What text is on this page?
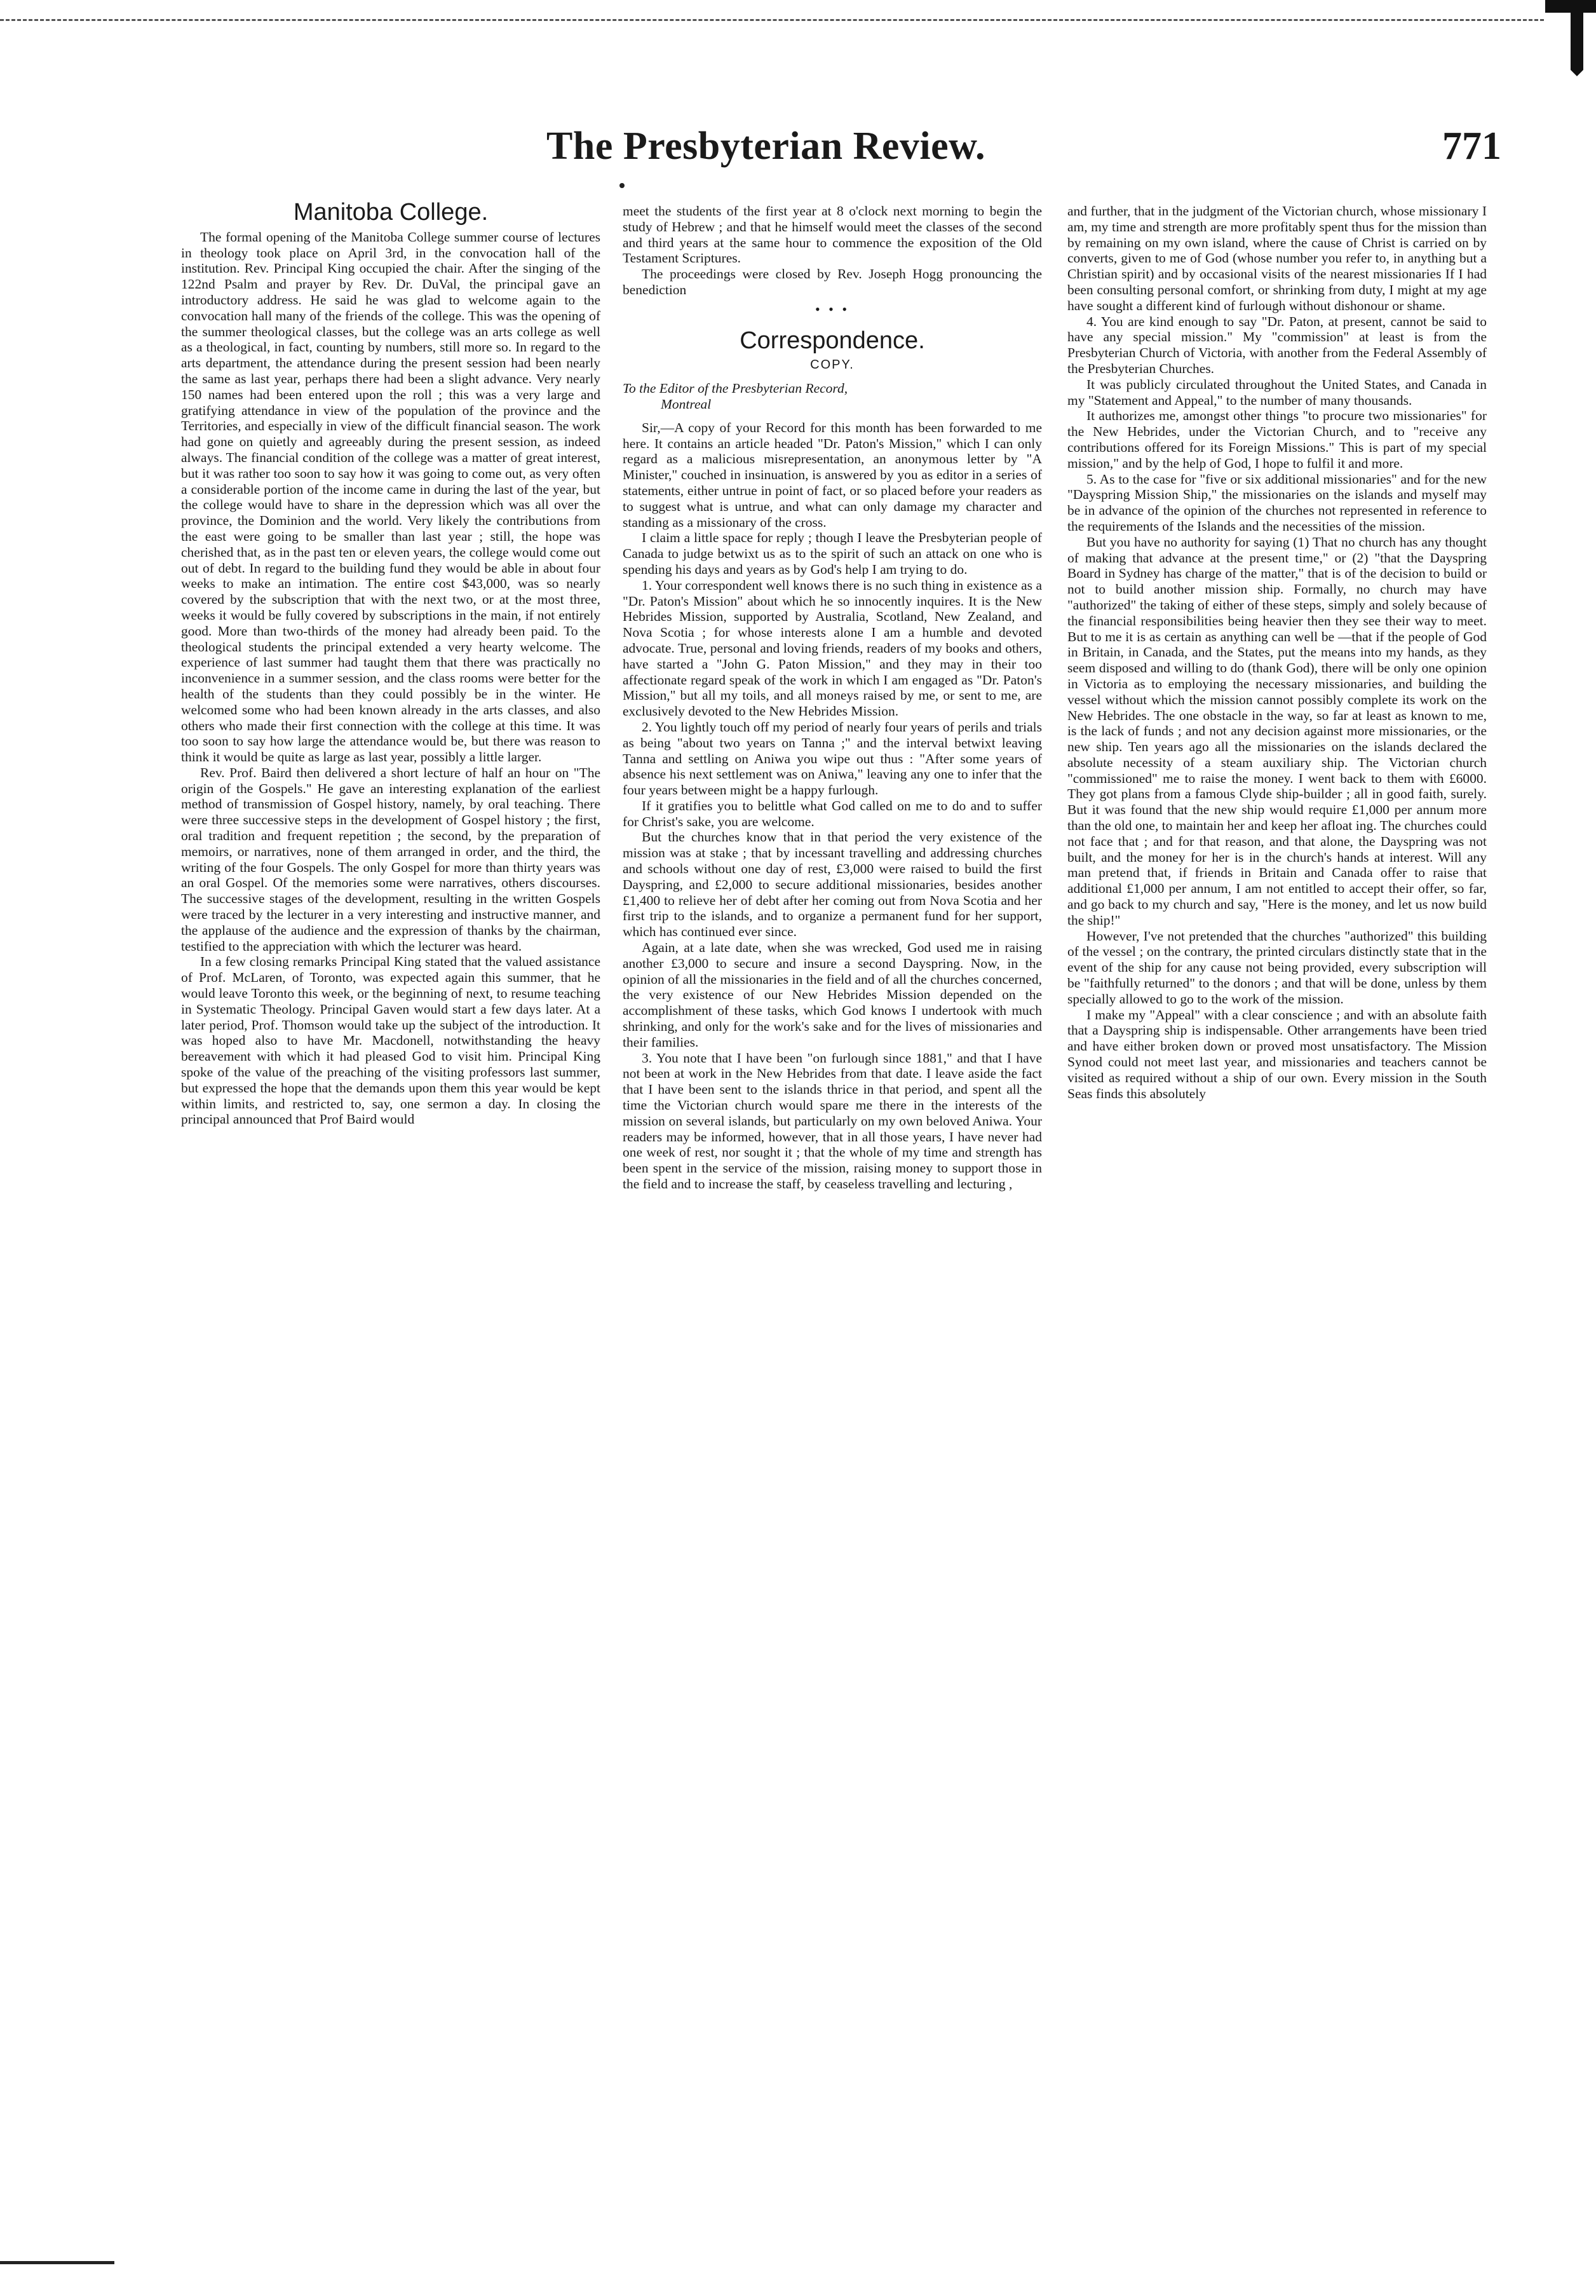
The Presbyterian Review.	771
Manitoba College.

The formal opening of the Manitoba College summer course of lectures in theology took place on April 3rd, in the convocation hall of the institution. Rev. Principal King occupied the chair. After the singing of the 122nd Psalm and prayer by Rev. Dr. DuVal, the principal gave an introductory address. He said he was glad to welcome again to the convocation hall many of the friends of the college. This was the opening of the summer theological classes, but the college was an arts college as well as a theological, in fact, counting by numbers, still more so. In regard to the arts department, the attendance during the present session had been nearly the same as last year, perhaps there had been a slight advance. Very nearly 150 names had been entered upon the roll ; this was a very large and gratifying attendance in view of the population of the province and the Territories, and especially in view of the difficult financial season. The work had gone on quietly and agreeably during the present session, as indeed always. The financial condition of the college was a matter of great interest, but it was rather too soon to say how it was going to come out, as very often a considerable portion of the income came in during the last of the year, but the college would have to share in the depression which was all over the province, the Dominion and the world. Very likely the contributions from the east were going to be smaller than last year ; still, the hope was cherished that, as in the past ten or eleven years, the college would come out out of debt. In regard to the building fund they would be able in about four weeks to make an intimation. The entire cost $43,000, was so nearly covered by the subscription that with the next two, or at the most three, weeks it would be fully covered by subscriptions in the main, if not entirely good. More than two-thirds of the money had already been paid. To the theological students the principal extended a very hearty welcome. The experience of last summer had taught them that there was practically no inconvenience in a summer session, and the class rooms were better for the health of the students than they could possibly be in the winter. He welcomed some who had been known already in the arts classes, and also others who made their first connection with the college at this time. It was too soon to say how large the attendance would be, but there was reason to think it would be quite as large as last year, possibly a little larger.

Rev. Prof. Baird then delivered a short lecture of half an hour on "The origin of the Gospels." He gave an interesting explanation of the earliest method of transmission of Gospel history, namely, by oral teaching. There were three successive steps in the development of Gospel history ; the first, oral tradition and frequent repetition ; the second, by the preparation of memoirs, or narratives, none of them arranged in order, and the third, the writing of the four Gospels. The only Gospel for more than thirty years was an oral Gospel. Of the memories some were narratives, others discourses. The successive stages of the development, resulting in the written Gospels were traced by the lecturer in a very interesting and instructive manner, and the applause of the audience and the expression of thanks by the chairman, testified to the appreciation with which the lecturer was heard.

In a few closing remarks Principal King stated that the valued assistance of Prof. McLaren, of Toronto, was expected again this summer, that he would leave Toronto this week, or the beginning of next, to resume teaching in Systematic Theology. Principal Gaven would start a few days later. At a later period, Prof. Thomson would take up the subject of the introduction. It was hoped also to have Mr. Macdonell, notwithstanding the heavy bereavement with which it had pleased God to visit him. Principal King spoke of the value of the preaching of the visiting professors last summer, but expressed the hope that the demands upon them this year would be kept within limits, and restricted to, say, one sermon a day. In closing the principal announced that Prof Baird would

meet the students of the first year at 8 o'clock next morning to begin the study of Hebrew ; and that he himself would meet the classes of the second and third years at the same hour to commence the exposition of the Old Testament Scriptures.

The proceedings were closed by Rev. Joseph Hogg pronouncing the benediction

• • •
Correspondence.
COPY.

To the Editor of the Presbyterian Record,

Montreal

Sir,—A copy of your Record for this month has been forwarded to me here. It contains an article headed "Dr. Paton's Mission," which I can only regard as a malicious misrepresentation, an anonymous letter by "A Minister," couched in insinuation, is answered by you as editor in a series of statements, either untrue in point of fact, or so placed before your readers as to suggest what is untrue, and what can only damage my character and standing as a missionary of the cross.

I claim a little space for reply ; though I leave the Presbyterian people of Canada to judge betwixt us as to the spirit of such an attack on one who is spending his days and years as by God's help I am trying to do.

1. Your correspondent well knows there is no such thing in existence as a "Dr. Paton's Mission" about which he so innocently inquires. It is the New Hebrides Mission, supported by Australia, Scotland, New Zealand, and Nova Scotia ; for whose interests alone I am a humble and devoted advocate. True, personal and loving friends, readers of my books and others, have started a "John G. Paton Mission," and they may in their too affectionate regard speak of the work in which I am engaged as "Dr. Paton's Mission," but all my toils, and all moneys raised by me, or sent to me, are exclusively devoted to the New Hebrides Mission.

2. You lightly touch off my period of nearly four years of perils and trials as being "about two years on Tanna ;" and the interval betwixt leaving Tanna and settling on Aniwa you wipe out thus : "After some years of absence his next settlement was on Aniwa," leaving any one to infer that the four years between might be a happy furlough.

If it gratifies you to belittle what God called on me to do and to suffer for Christ's sake, you are welcome.

But the churches know that in that period the very existence of the mission was at stake ; that by incessant travelling and addressing churches and schools without one day of rest, £3,000 were raised to build the first Dayspring, and £2,000 to secure additional missionaries, besides another £1,400 to relieve her of debt after her coming out from Nova Scotia and her first trip to the islands, and to organize a permanent fund for her support, which has continued ever since.

Again, at a late date, when she was wrecked, God used me in raising another £3,000 to secure and insure a second Dayspring. Now, in the opinion of all the missionaries in the field and of all the churches concerned, the very existence of our New Hebrides Mission depended on the accomplishment of these tasks, which God knows I undertook with much shrinking, and only for the work's sake and for the lives of missionaries and their families.

3. You note that I have been "on furlough since 1881," and that I have not been at work in the New Hebrides from that date. I leave aside the fact that I have been sent to the islands thrice in that period, and spent all the time the Victorian church would spare me there in the interests of the mission on several islands, but particularly on my own beloved Aniwa. Your readers may be informed, however, that in all those years, I have never had one week of rest, nor sought it ; that the whole of my time and strength has been spent in the service of the mission, raising money to support those in the field and to increase the staff, by ceaseless travelling and lecturing ,

and further, that in the judgment of the Victorian church, whose missionary I am, my time and strength are more profitably spent thus for the mission than by remaining on my own island, where the cause of Christ is carried on by converts, given to me of God (whose number you refer to, in anything but a Christian spirit) and by occasional visits of the nearest missionaries If I had been consulting personal comfort, or shrinking from duty, I might at my age have sought a different kind of furlough without dishonour or shame.

4. You are kind enough to say "Dr. Paton, at present, cannot be said to have any special mission." My "commission" at least is from the Presbyterian Church of Victoria, with another from the Federal Assembly of the Presbyterian Churches.

It was publicly circulated throughout the United States, and Canada in my "Statement and Appeal," to the number of many thousands.

It authorizes me, amongst other things "to procure two missionaries" for the New Hebrides, under the Victorian Church, and to "receive any contributions offered for its Foreign Missions." This is part of my special mission," and by the help of God, I hope to fulfil it and more.

5. As to the case for "five or six additional missionaries" and for the new "Dayspring Mission Ship," the missionaries on the islands and myself may be in advance of the opinion of the churches not represented in reference to the requirements of the Islands and the necessities of the mission.

But you have no authority for saying (1) That no church has any thought of making that advance at the present time," or (2) "that the Dayspring Board in Sydney has charge of the matter," that is of the decision to build or not to build another mission ship. Formally, no church may have "authorized" the taking of either of these steps, simply and solely because of the financial responsibilities being heavier then they see their way to meet. But to me it is as certain as anything can well be —that if the people of God in Britain, in Canada, and the States, put the means into my hands, as they seem disposed and willing to do (thank God), there will be only one opinion in Victoria as to employing the necessary missionaries, and building the vessel without which the mission cannot possibly complete its work on the New Hebrides. The one obstacle in the way, so far at least as known to me, is the lack of funds ; and not any decision against more missionaries, or the new ship. Ten years ago all the missionaries on the islands declared the absolute necessity of a steam auxiliary ship. The Victorian church "commissioned" me to raise the money. I went back to them with £6000. They got plans from a famous Clyde ship-builder ; all in good faith, surely. But it was found that the new ship would require £1,000 per annum more than the old one, to maintain her and keep her afloat ing. The churches could not face that ; and for that reason, and that alone, the Dayspring was not built, and the money for her is in the church's hands at interest. Will any man pretend that, if friends in Britain and Canada offer to raise that additional £1,000 per annum, I am not entitled to accept their offer, so far, and go back to my church and say, "Here is the money, and let us now build the ship!"

However, I've not pretended that the churches "authorized" this building of the vessel ; on the contrary, the printed circulars distinctly state that in the event of the ship for any cause not being provided, every subscription will be "faithfully returned" to the donors ; and that will be done, unless by them specially allowed to go to the work of the mission.

I make my "Appeal" with a clear conscience ; and with an absolute faith that a Dayspring ship is indispensable. Other arrangements have been tried and have either broken down or proved most unsatisfactory. The Mission Synod could not meet last year, and missionaries and teachers cannot be visited as required without a ship of our own. Every mission in the South Seas finds this absolutely
